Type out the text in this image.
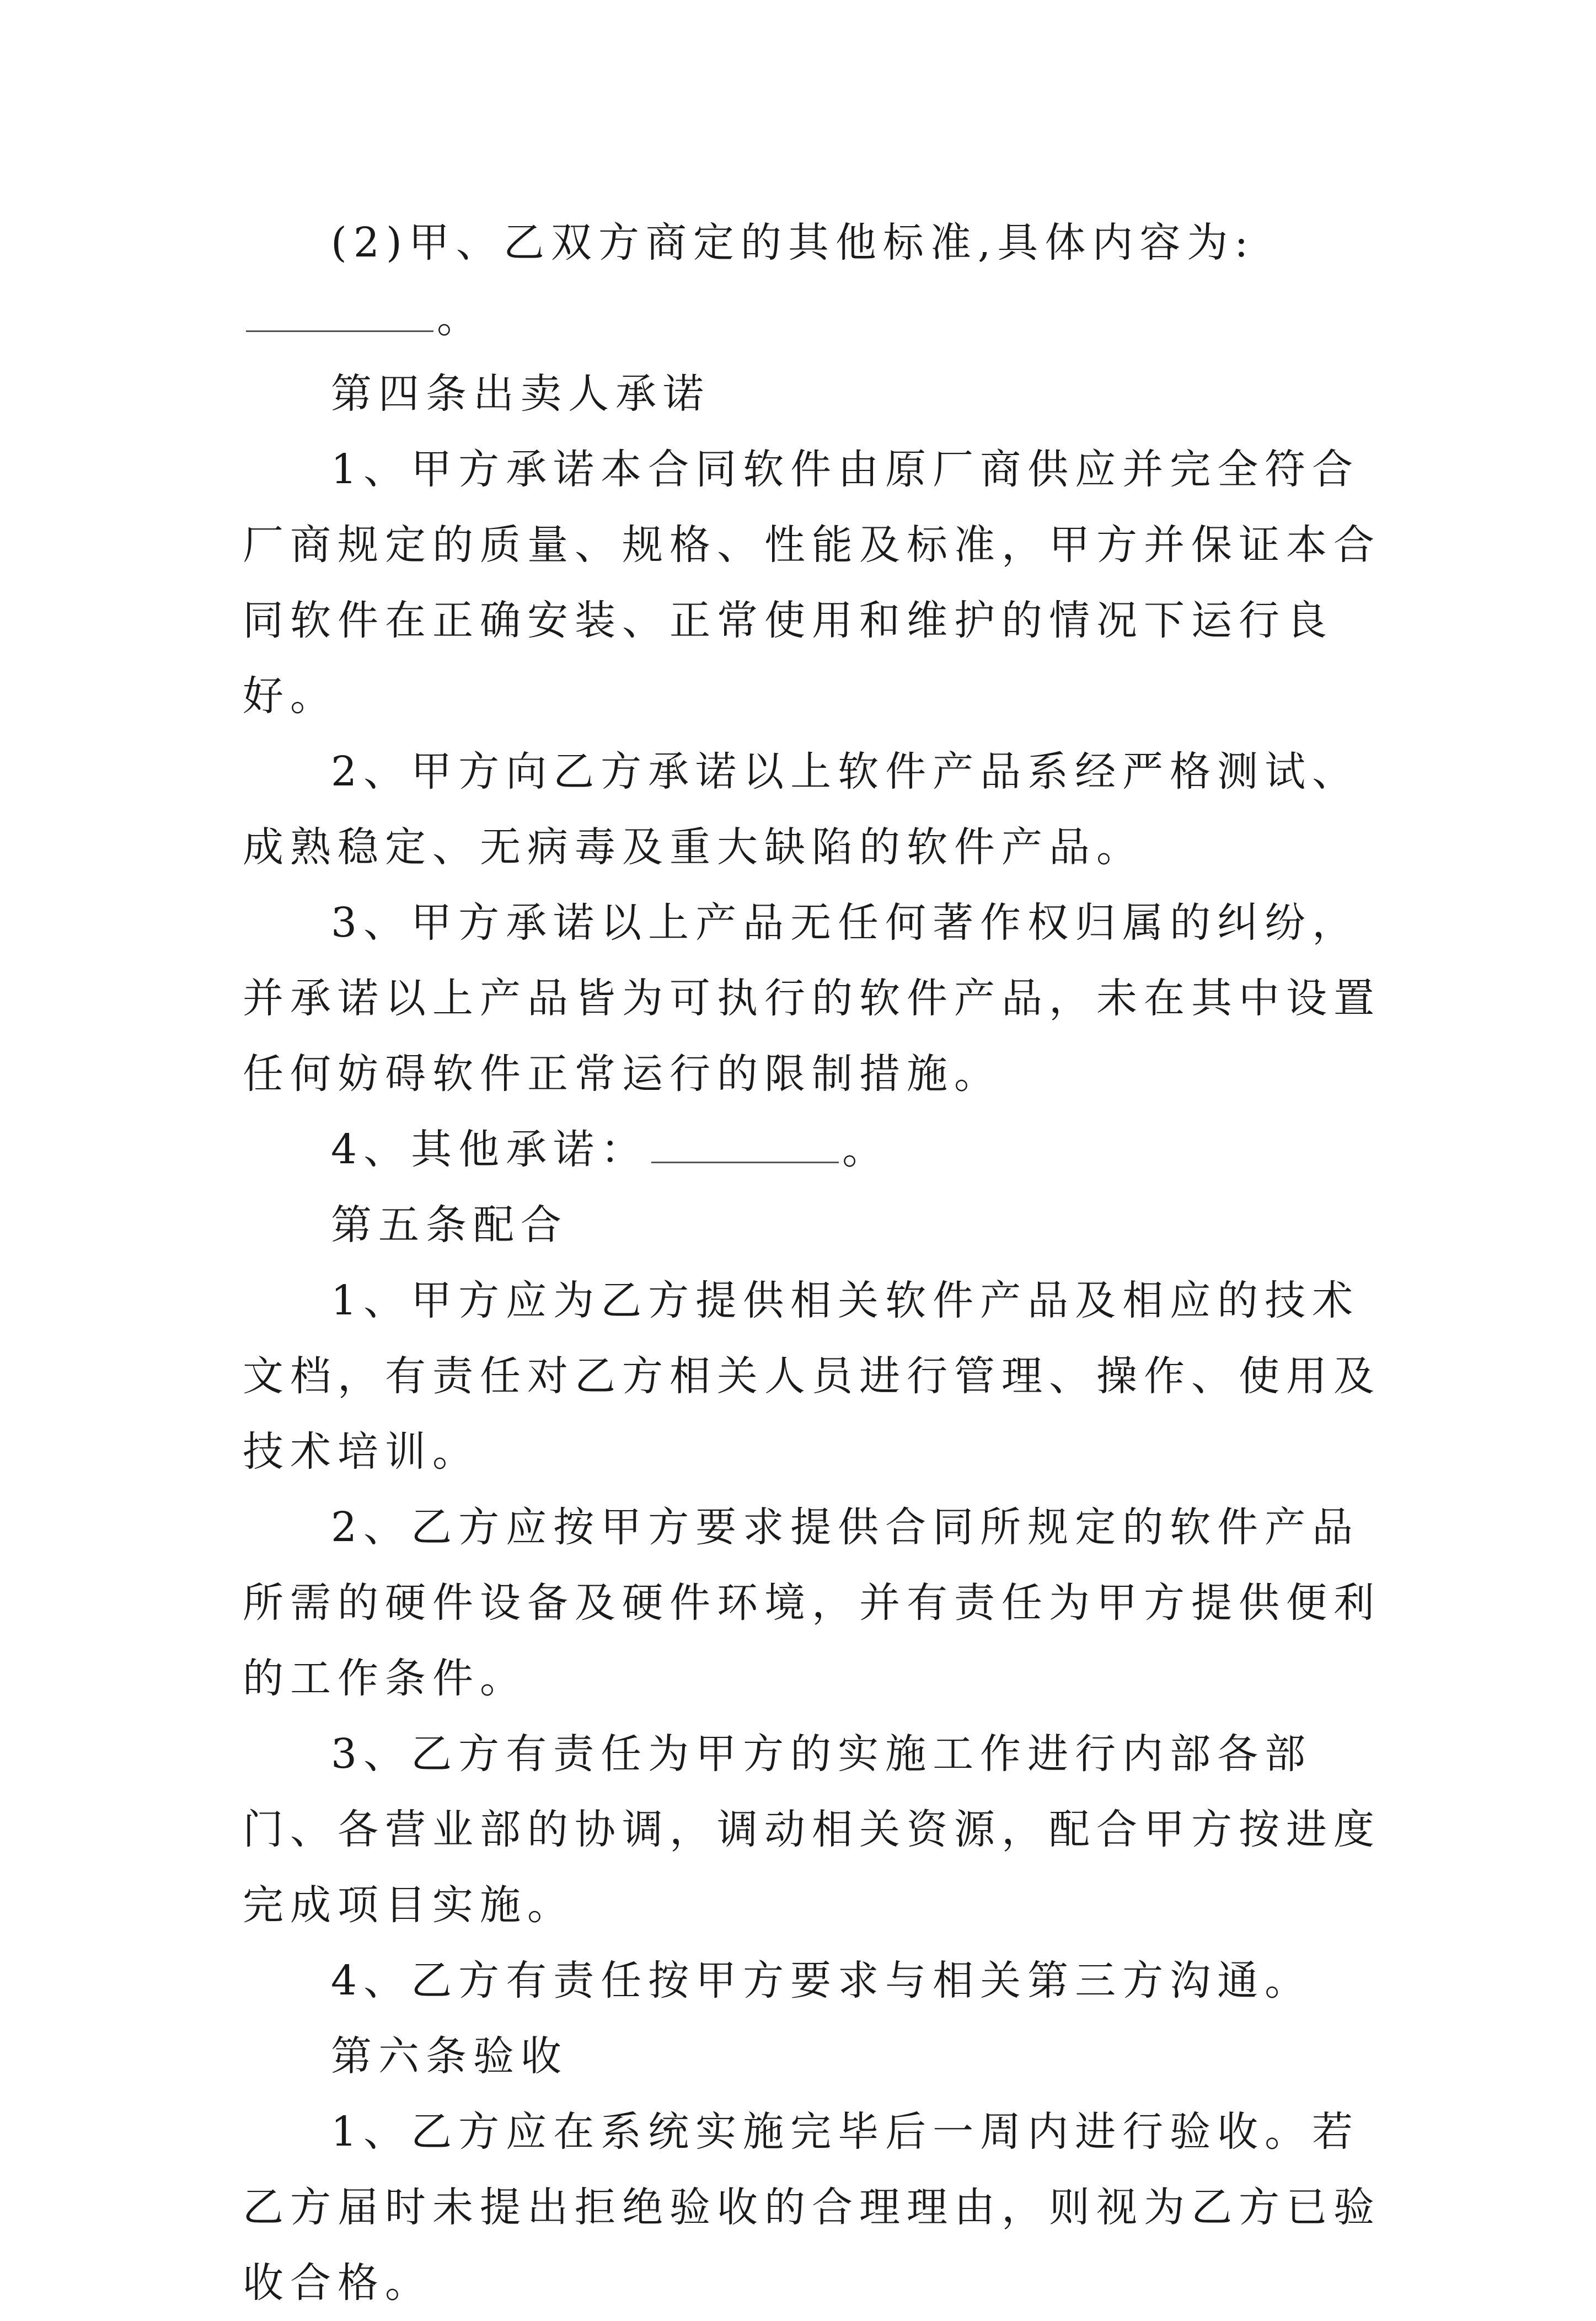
(2)甲、乙双方商定的其他标准,具体内容为:。

第四条出卖人承诺

1、甲方承诺本合同软件由原厂商供应并完全符合厂商规定的质量、规格、性能及标准，甲方并保证本合同软件在正确安装、正常使用和维护的情况下运行良好。

2、甲方向乙方承诺以上软件产品系经严格测试、成熟稳定、无病毒及重大缺陷的软件产品。

3、甲方承诺以上产品无任何著作权归属的纠纷，并承诺以上产品皆为可执行的软件产品，未在其中设置任何妨碍软件正常运行的限制措施。

4、其他承诺：	。

第五条配合

1、甲方应为乙方提供相关软件产品及相应的技术文档，有责任对乙方相关人员进行管理、操作、使用及技术培训。

2、乙方应按甲方要求提供合同所规定的软件产品所需的硬件设备及硬件环境，并有责任为甲方提供便利的工作条件。

3、乙方有责任为甲方的实施工作进行内部各部门、各营业部的协调，调动相关资源，配合甲方按进度完成项目实施。

4、乙方有责任按甲方要求与相关第三方沟通。

第六条验收

1、乙方应在系统实施完毕后一周内进行验收。若乙方届时未提出拒绝验收的合理理由，则视为乙方已验收合格。
